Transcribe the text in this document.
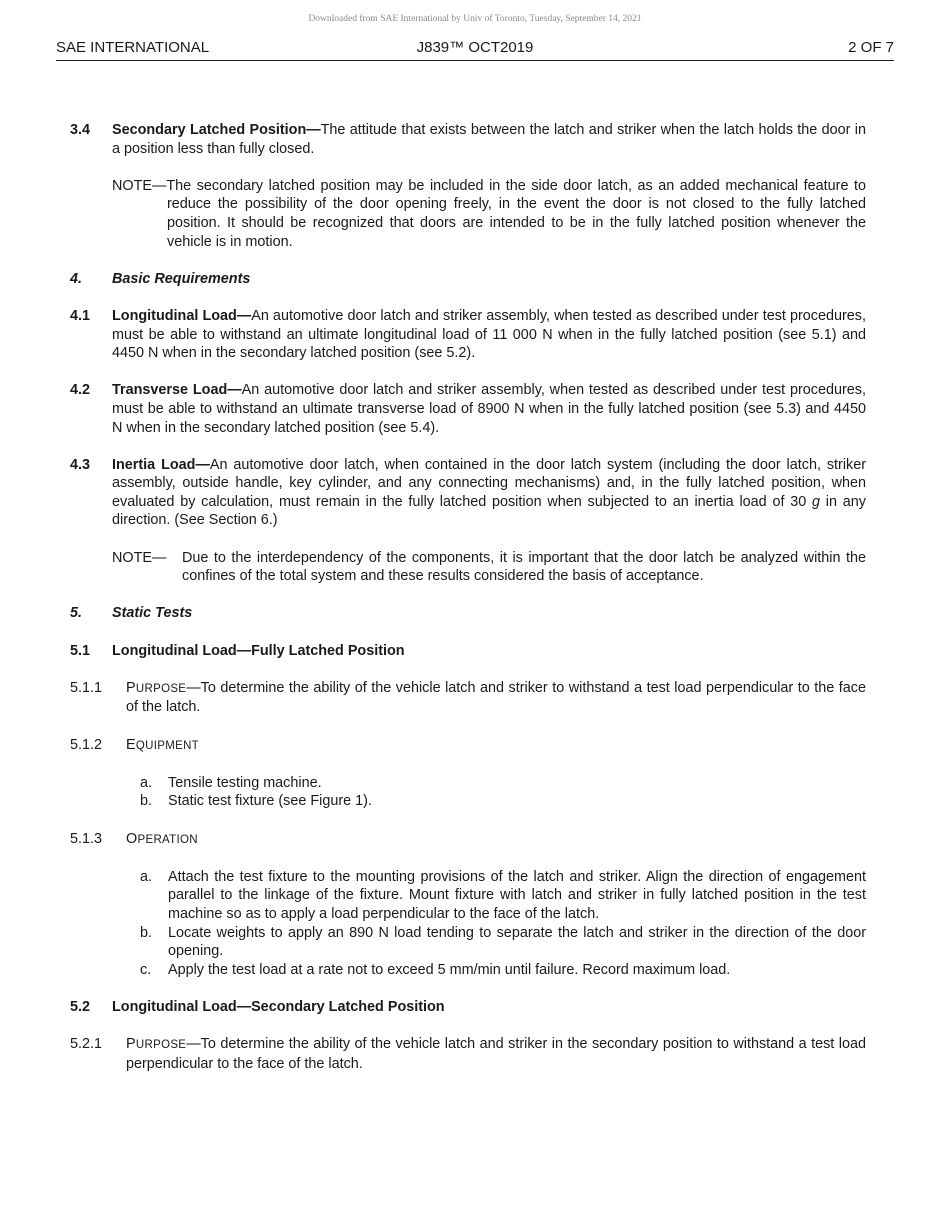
Downloaded from SAE International by Univ of Toronto, Tuesday, September 14, 2021
SAE INTERNATIONAL	J839™ OCT2019	2 OF 7
3.4 Secondary Latched Position—The attitude that exists between the latch and striker when the latch holds the door in a position less than fully closed.
NOTE—The secondary latched position may be included in the side door latch, as an added mechanical feature to reduce the possibility of the door opening freely, in the event the door is not closed to the fully latched position. It should be recognized that doors are intended to be in the fully latched position whenever the vehicle is in motion.
4. Basic Requirements
4.1 Longitudinal Load—An automotive door latch and striker assembly, when tested as described under test procedures, must be able to withstand an ultimate longitudinal load of 11 000 N when in the fully latched position (see 5.1) and 4450 N when in the secondary latched position (see 5.2).
4.2 Transverse Load—An automotive door latch and striker assembly, when tested as described under test procedures, must be able to withstand an ultimate transverse load of 8900 N when in the fully latched position (see 5.3) and 4450 N when in the secondary latched position (see 5.4).
4.3 Inertia Load—An automotive door latch, when contained in the door latch system (including the door latch, striker assembly, outside handle, key cylinder, and any connecting mechanisms) and, in the fully latched position, when evaluated by calculation, must remain in the fully latched position when subjected to an inertia load of 30 g in any direction. (See Section 6.)
NOTE— Due to the interdependency of the components, it is important that the door latch be analyzed within the confines of the total system and these results considered the basis of acceptance.
5. Static Tests
5.1 Longitudinal Load—Fully Latched Position
5.1.1 PURPOSE—To determine the ability of the vehicle latch and striker to withstand a test load perpendicular to the face of the latch.
5.1.2 EQUIPMENT
a. Tensile testing machine.
b. Static test fixture (see Figure 1).
5.1.3 OPERATION
a. Attach the test fixture to the mounting provisions of the latch and striker. Align the direction of engagement parallel to the linkage of the fixture. Mount fixture with latch and striker in fully latched position in the test machine so as to apply a load perpendicular to the face of the latch.
b. Locate weights to apply an 890 N load tending to separate the latch and striker in the direction of the door opening.
c. Apply the test load at a rate not to exceed 5 mm/min until failure. Record maximum load.
5.2 Longitudinal Load—Secondary Latched Position
5.2.1 PURPOSE—To determine the ability of the vehicle latch and striker in the secondary position to withstand a test load perpendicular to the face of the latch.
